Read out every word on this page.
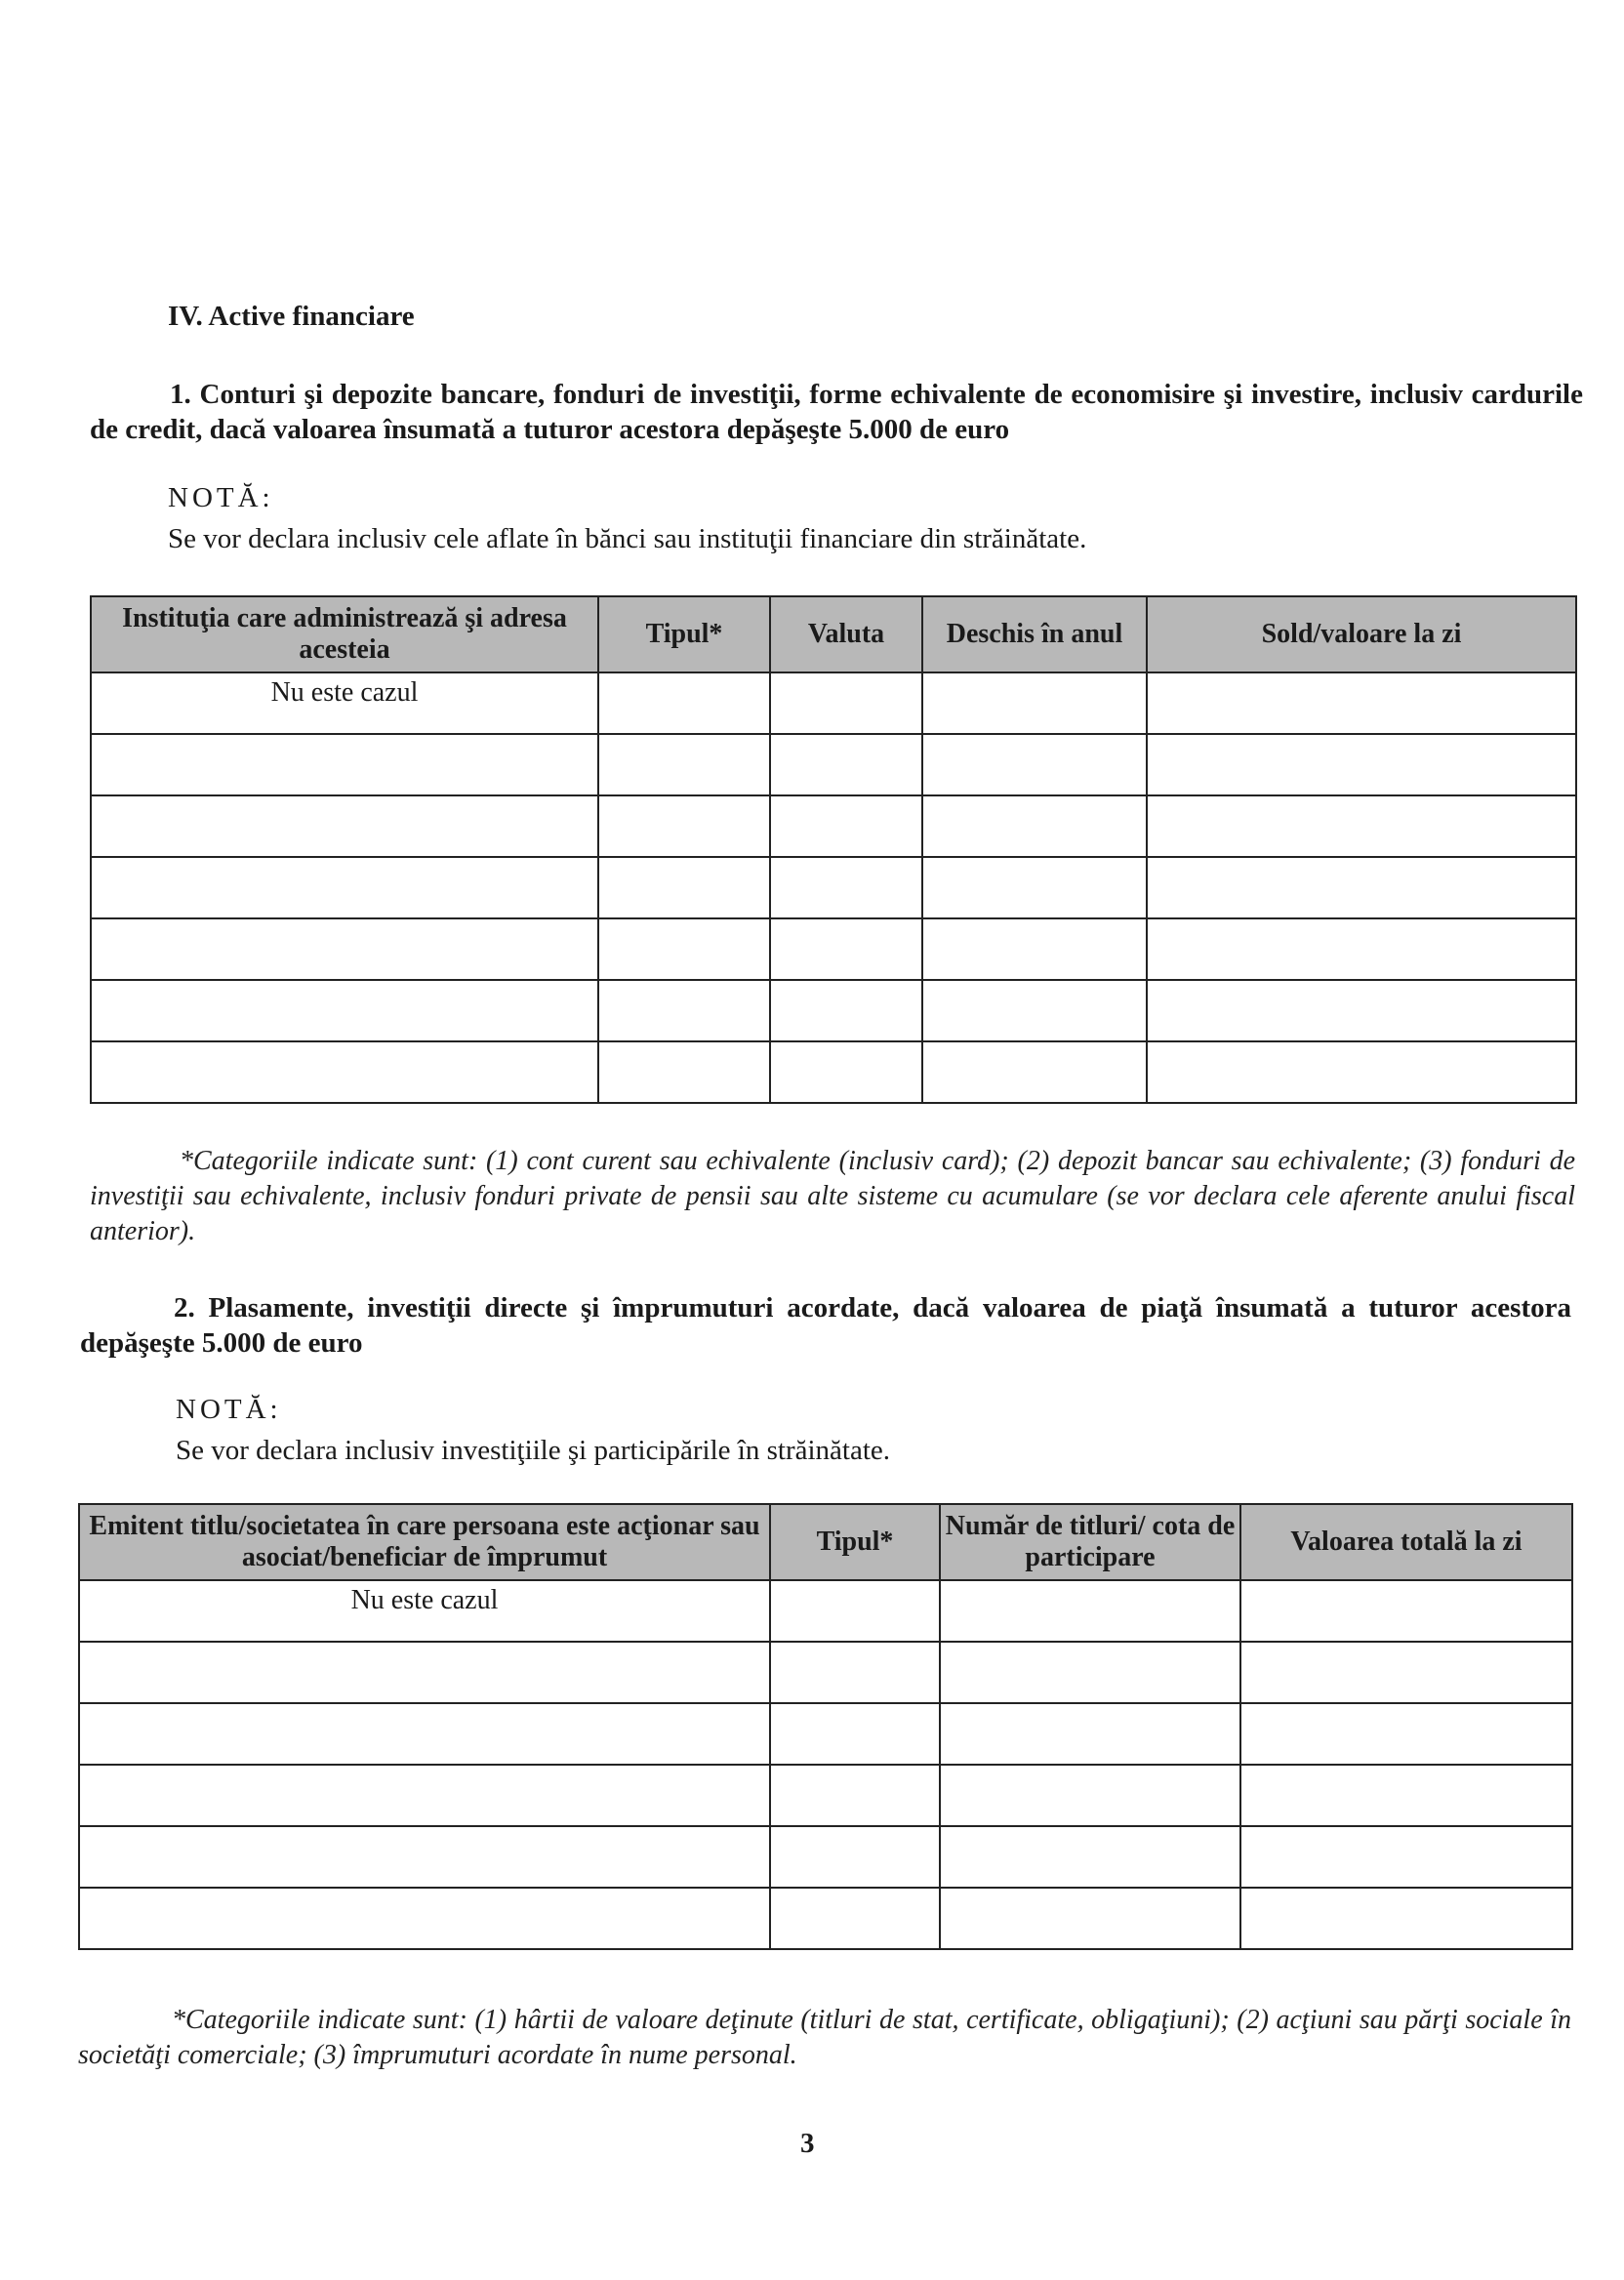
IV. Active financiare
1. Conturi şi depozite bancare, fonduri de investiţii, forme echivalente de economisire şi investire, inclusiv cardurile de credit, dacă valoarea însumată a tuturor acestora depăşeşte 5.000 de euro
NOTĂ:
Se vor declara inclusiv cele aflate în bănci sau instituţii financiare din străinătate.
Instituţia care administrează şi adresa acesteia	Tipul*	Valuta	Deschis în anul	Sold/valoare la zi
Nu este cazul				

*Categoriile indicate sunt: (1) cont curent sau echivalente (inclusiv card); (2) depozit bancar sau echivalente; (3) fonduri de investiţii sau echivalente, inclusiv fonduri private de pensii sau alte sisteme cu acumulare (se vor declara cele aferente anului fiscal anterior).
2. Plasamente, investiţii directe şi împrumuturi acordate, dacă valoarea de piaţă însumată a tuturor acestora depăşeşte 5.000 de euro
NOTĂ:
Se vor declara inclusiv investiţiile şi participările în străinătate.
Emitent titlu/societatea în care persoana este acţionar sau asociat/beneficiar de împrumut	Tipul*	Număr de titluri/ cota de participare	Valoarea totală la zi
Nu este cazul			

*Categoriile indicate sunt: (1) hârtii de valoare deţinute (titluri de stat, certificate, obligaţiuni); (2) acţiuni sau părţi sociale în societăţi comerciale; (3) împrumuturi acordate în nume personal.
3
